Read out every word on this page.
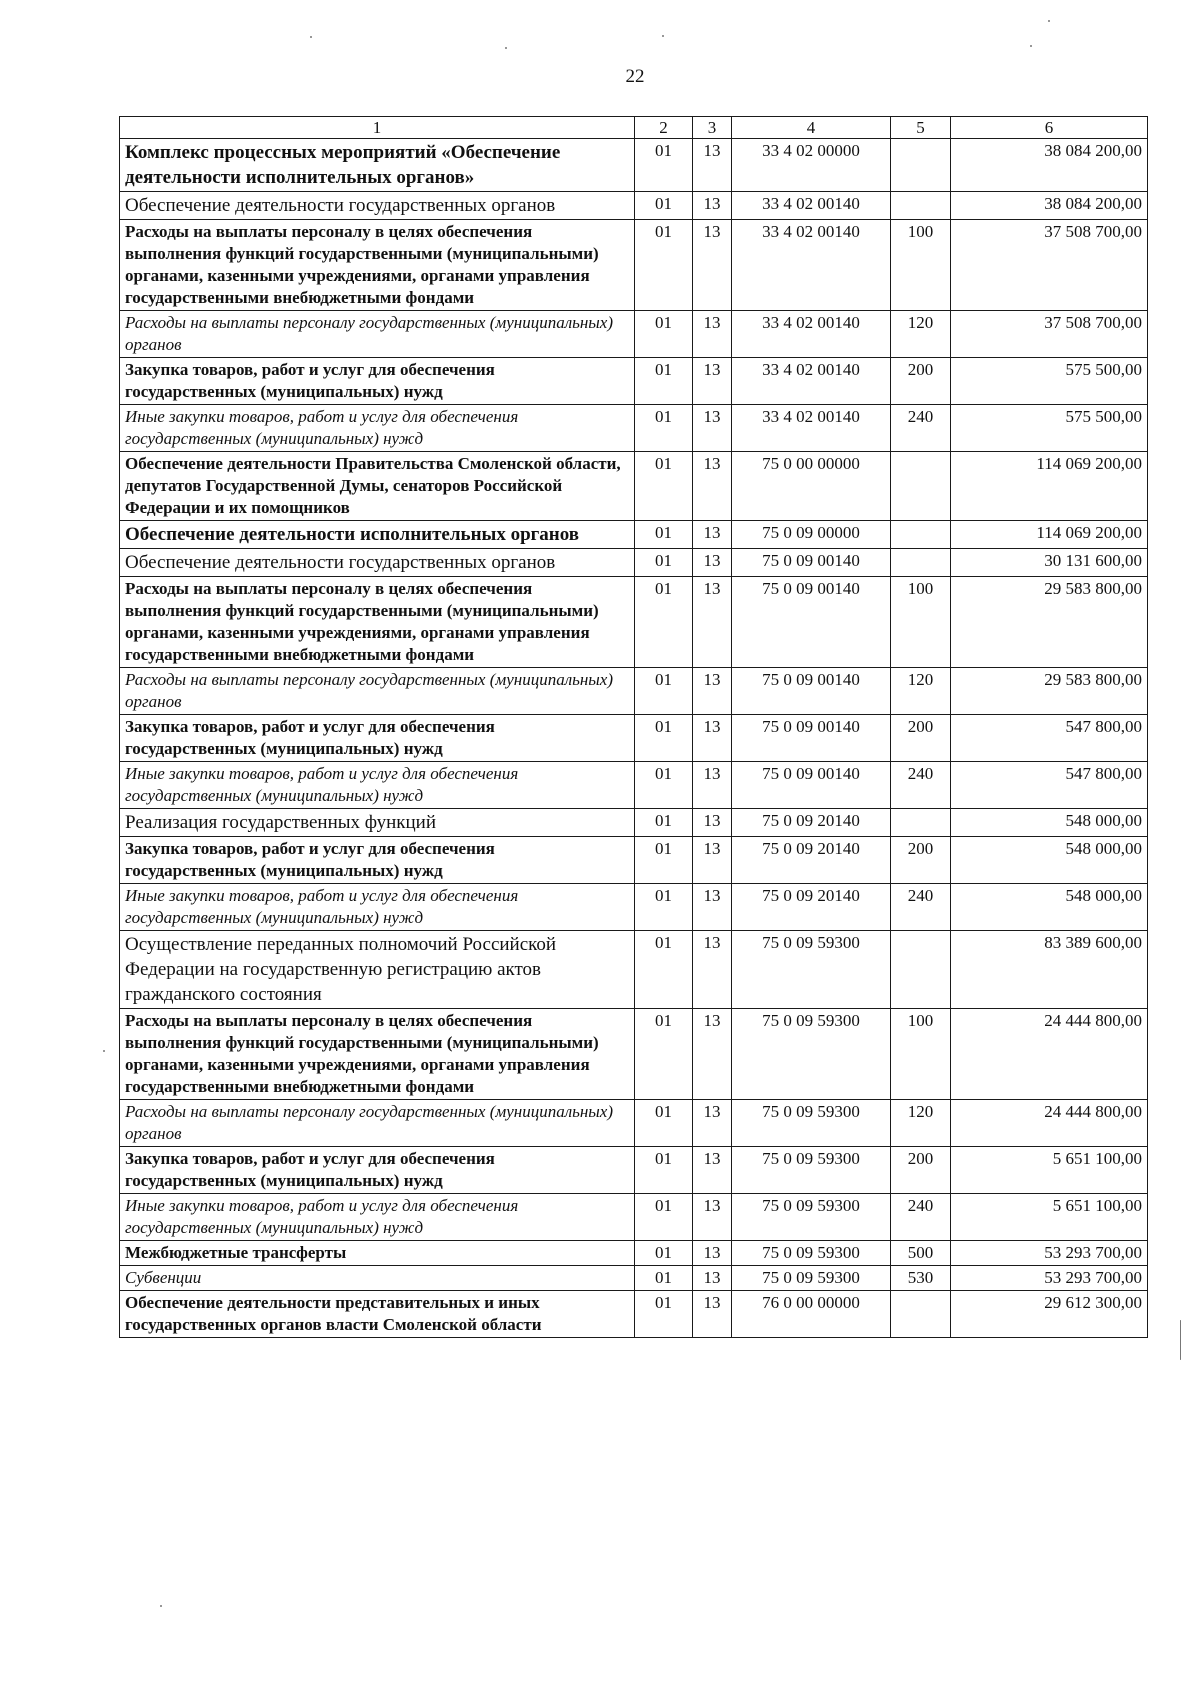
22
1	2	3	4	5	6
Комплекс процессных мероприятий «Обеспечение деятельности исполнительных органов»	01	13	33 4 02 00000		38 084 200,00
Обеспечение деятельности государственных органов	01	13	33 4 02 00140		38 084 200,00
Расходы на выплаты персоналу в целях обеспечения выполнения функций государственными (муниципальными) органами, казенными учреждениями, органами управления государственными внебюджетными фондами	01	13	33 4 02 00140	100	37 508 700,00
Расходы на выплаты персоналу государственных (муниципальных) органов	01	13	33 4 02 00140	120	37 508 700,00
Закупка товаров, работ и услуг для обеспечения государственных (муниципальных) нужд	01	13	33 4 02 00140	200	575 500,00
Иные закупки товаров, работ и услуг для обеспечения государственных (муниципальных) нужд	01	13	33 4 02 00140	240	575 500,00
Обеспечение деятельности Правительства Смоленской области, депутатов Государственной Думы, сенаторов Российской Федерации и их помощников	01	13	75 0 00 00000		114 069 200,00
Обеспечение деятельности исполнительных органов	01	13	75 0 09 00000		114 069 200,00
Обеспечение деятельности государственных органов	01	13	75 0 09 00140		30 131 600,00
Расходы на выплаты персоналу в целях обеспечения выполнения функций государственными (муниципальными) органами, казенными учреждениями, органами управления государственными внебюджетными фондами	01	13	75 0 09 00140	100	29 583 800,00
Расходы на выплаты персоналу государственных (муниципальных) органов	01	13	75 0 09 00140	120	29 583 800,00
Закупка товаров, работ и услуг для обеспечения государственных (муниципальных) нужд	01	13	75 0 09 00140	200	547 800,00
Иные закупки товаров, работ и услуг для обеспечения государственных (муниципальных) нужд	01	13	75 0 09 00140	240	547 800,00
Реализация государственных функций	01	13	75 0 09 20140		548 000,00
Закупка товаров, работ и услуг для обеспечения государственных (муниципальных) нужд	01	13	75 0 09 20140	200	548 000,00
Иные закупки товаров, работ и услуг для обеспечения государственных (муниципальных) нужд	01	13	75 0 09 20140	240	548 000,00
Осуществление переданных полномочий Российской Федерации на государственную регистрацию актов гражданского состояния	01	13	75 0 09 59300		83 389 600,00
Расходы на выплаты персоналу в целях обеспечения выполнения функций государственными (муниципальными) органами, казенными учреждениями, органами управления государственными внебюджетными фондами	01	13	75 0 09 59300	100	24 444 800,00
Расходы на выплаты персоналу государственных (муниципальных) органов	01	13	75 0 09 59300	120	24 444 800,00
Закупка товаров, работ и услуг для обеспечения государственных (муниципальных) нужд	01	13	75 0 09 59300	200	5 651 100,00
Иные закупки товаров, работ и услуг для обеспечения государственных (муниципальных) нужд	01	13	75 0 09 59300	240	5 651 100,00
Межбюджетные трансферты	01	13	75 0 09 59300	500	53 293 700,00
Субвенции	01	13	75 0 09 59300	530	53 293 700,00
Обеспечение деятельности представительных и иных государственных органов власти Смоленской области	01	13	76 0 00 00000		29 612 300,00
